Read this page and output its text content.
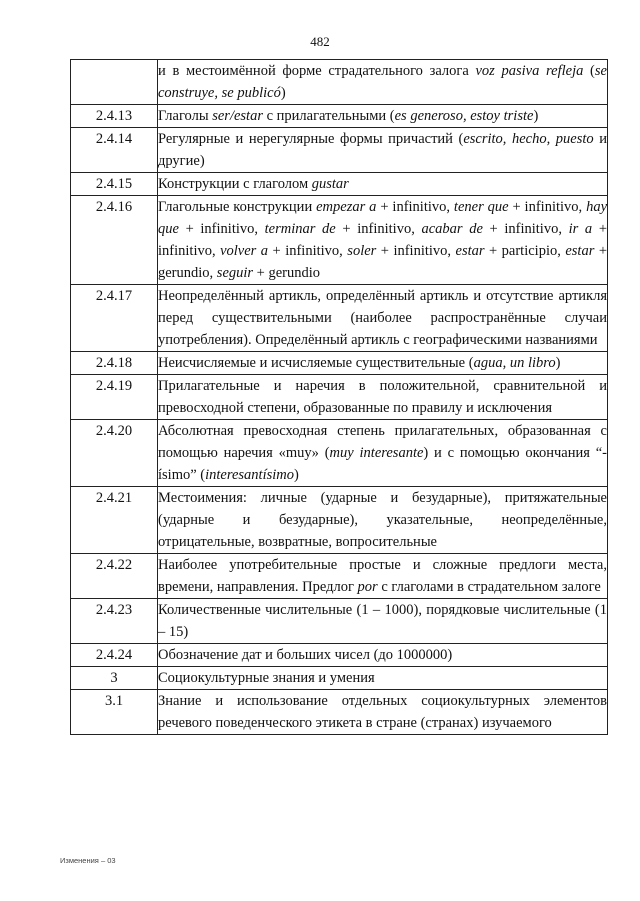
482
	и в местоимённой форме страдательного залога voz pasiva refleja (se construye, se publicó)
2.4.13	Глаголы ser/estar с прилагательными (es generoso, estoy triste)
2.4.14	Регулярные и нерегулярные формы причастий (escrito, hecho, puesto и другие)
2.4.15	Конструкции с глаголом gustar
2.4.16	Глагольные конструкции empezar a + infinitivo, tener que + infinitivo, hay que + infinitivo, terminar de + infinitivo, acabar de + infinitivo, ir a + infinitivo, volver a + infinitivo, soler + infinitivo, estar + participio, estar + gerundio, seguir + gerundio
2.4.17	Неопределённый артикль, определённый артикль и отсутствие артикля перед существительными (наиболее распространённые случаи употребления). Определённый артикль с географическими названиями
2.4.18	Неисчисляемые и исчисляемые существительные (agua, un libro)
2.4.19	Прилагательные и наречия в положительной, сравнительной и превосходной степени, образованные по правилу и исключения
2.4.20	Абсолютная превосходная степень прилагательных, образованная с помощью наречия «muy» (muy interesante) и с помощью окончания “-ísimo” (interesantísimo)
2.4.21	Местоимения: личные (ударные и безударные), притяжательные (ударные и безударные), указательные, неопределённые, отрицательные, возвратные, вопросительные
2.4.22	Наиболее употребительные простые и сложные предлоги места, времени, направления. Предлог por с глаголами в страдательном залоге
2.4.23	Количественные числительные (1 – 1000), порядковые числительные (1 – 15)
2.4.24	Обозначение дат и больших чисел (до 1000000)
3	Социокультурные знания и умения
3.1	Знание и использование отдельных социокультурных элементов речевого поведенческого этикета в стране (странах) изучаемого
Изменения – 03
